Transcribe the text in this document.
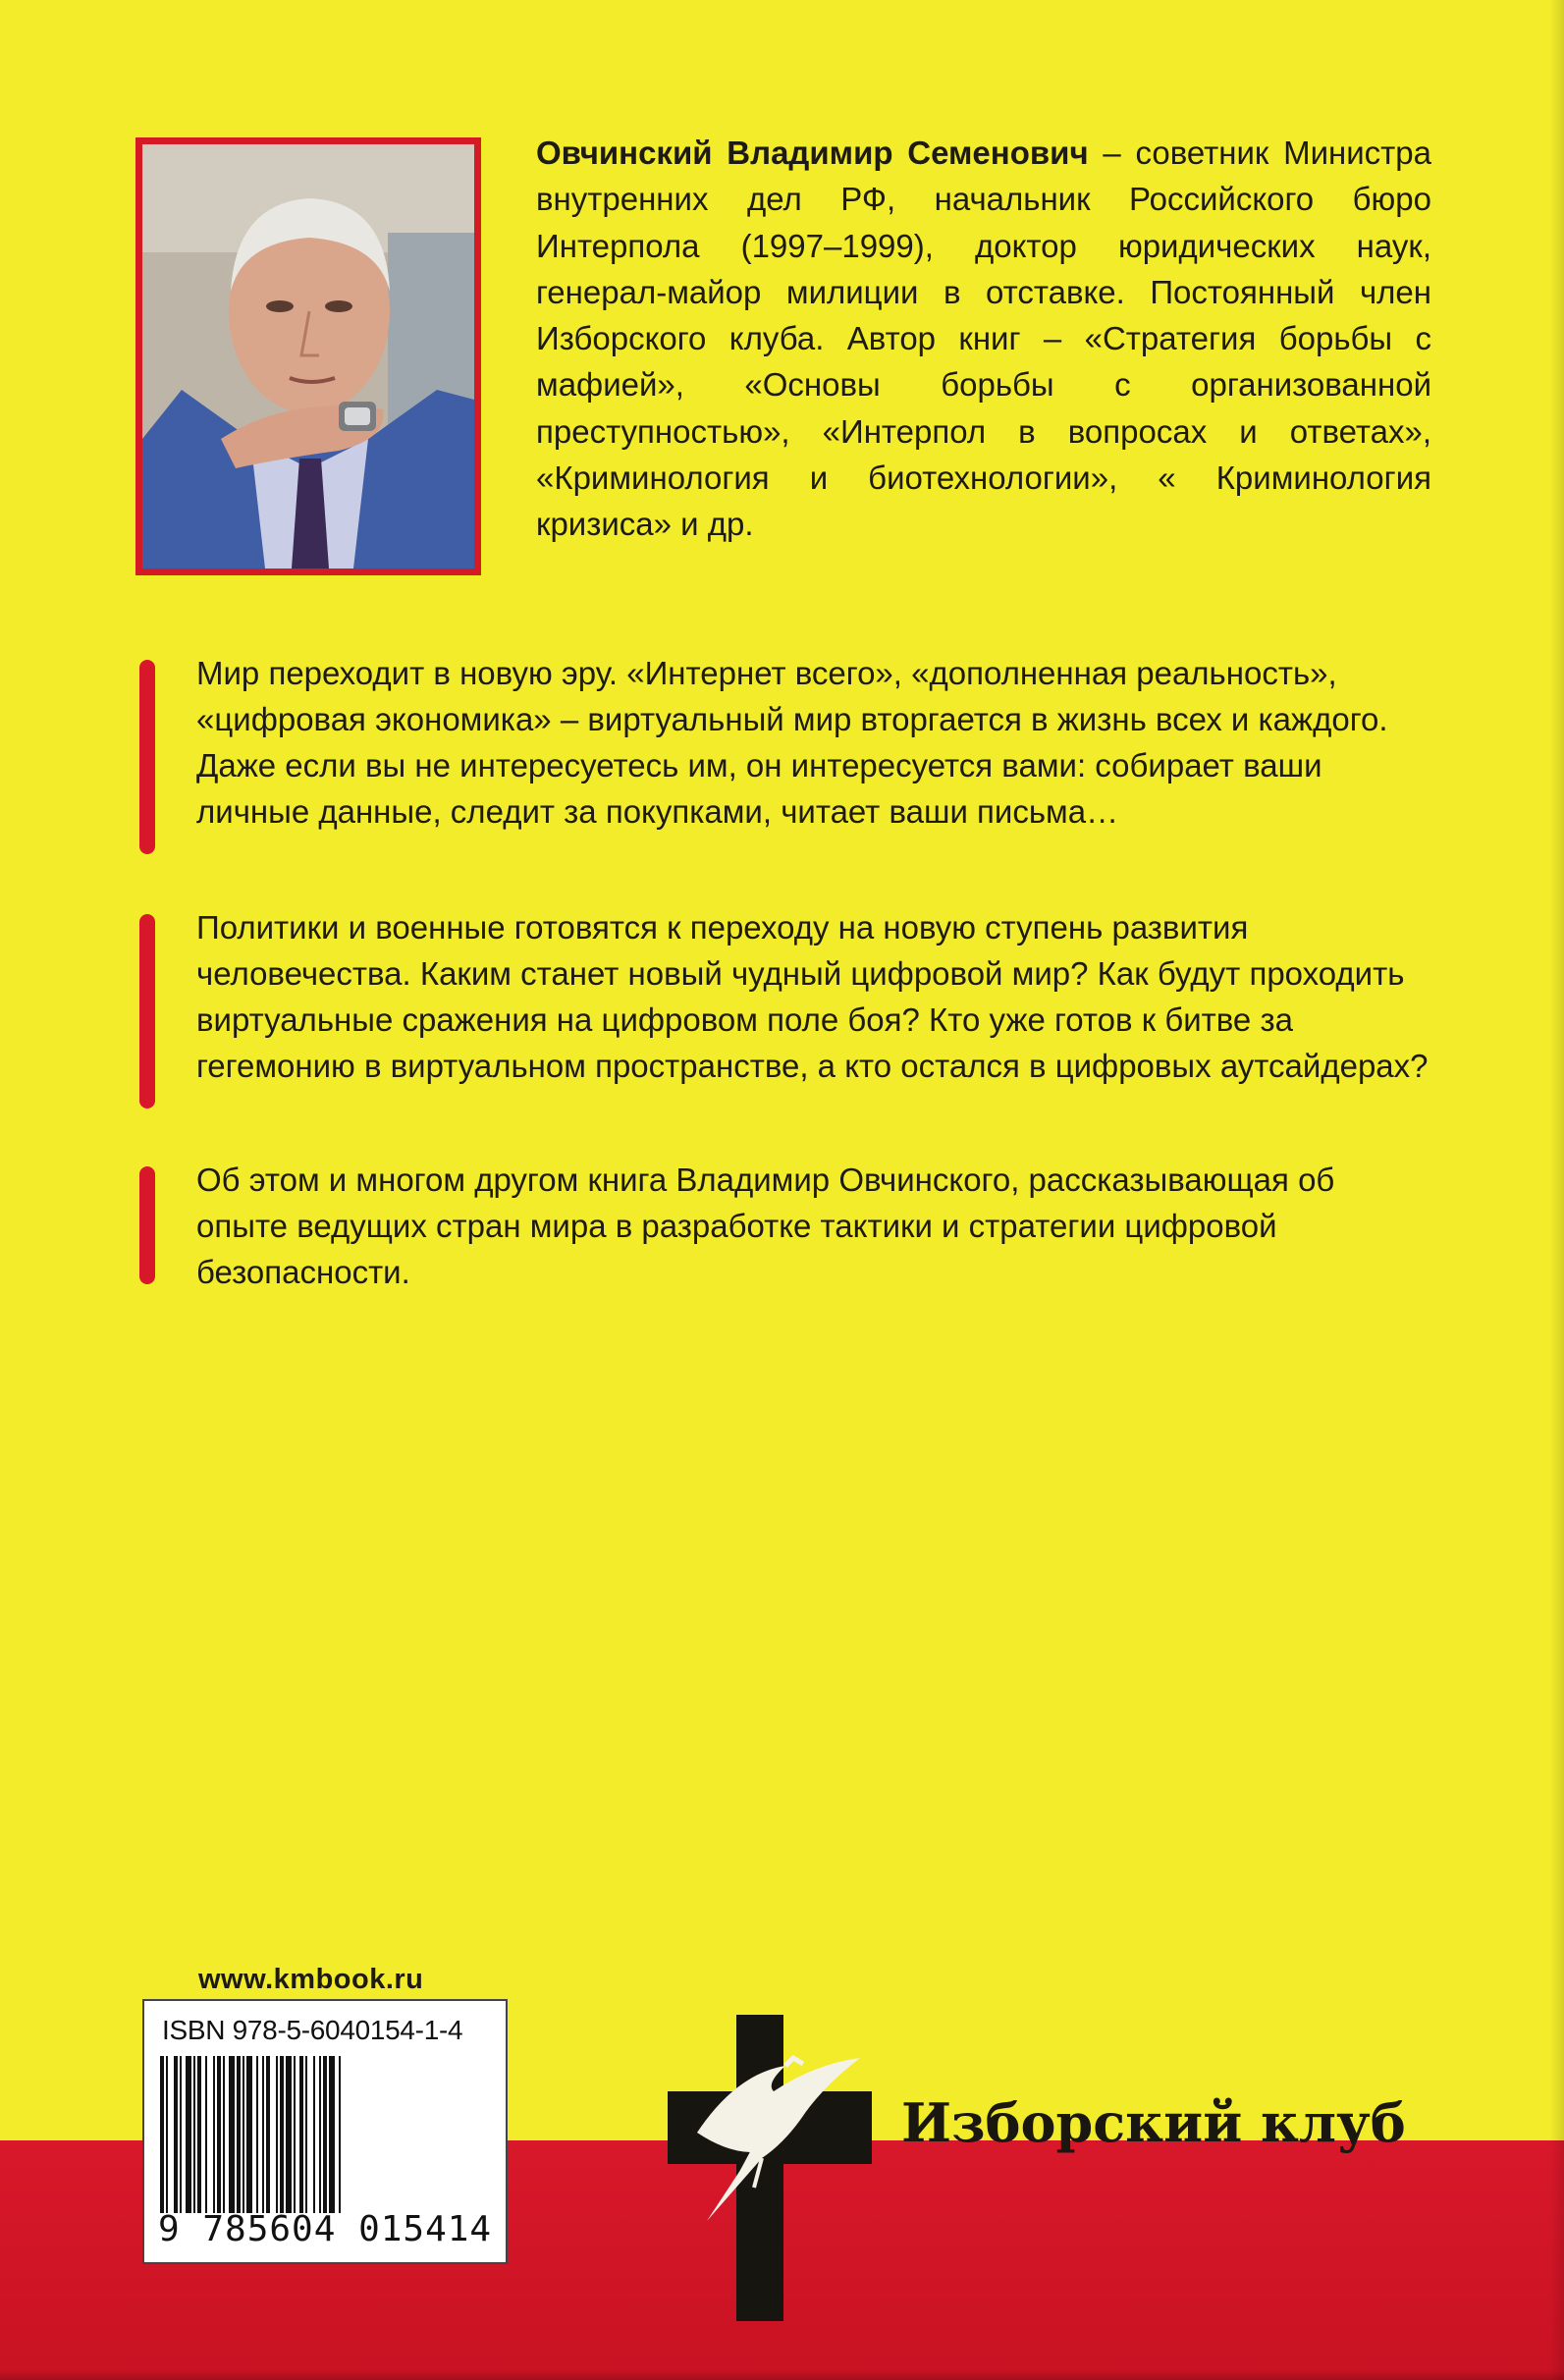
Овчинский Владимир Семенович – советник Министра внутренних дел РФ, начальник Российского бюро Интерпола (1997–1999), доктор юридических наук, генерал-майор милиции в отставке. Постоянный член Изборского клуба. Автор книг – «Стратегия борьбы с мафией», «Основы борьбы с организованной преступностью», «Интерпол в вопросах и ответах», «Криминология и биотехнологии», « Криминология кризиса» и др.

Мир переходит в новую эру. «Интернет всего», «дополненная реальность», «цифровая экономика» – виртуальный мир вторгается в жизнь всех и каждого. Даже если вы не интересуетесь им, он интересуется вами: собирает ваши личные данные, следит за покупками, читает ваши письма…
Политики и военные готовятся к переходу на новую ступень развития человечества. Каким станет новый чудный цифровой мир? Как будут проходить виртуальные сражения на цифровом поле боя? Кто уже готов к битве за гегемонию в виртуальном пространстве, а кто остался в цифровых аутсайдерах?
Об этом и многом другом книга Владимир Овчинского, рассказывающая об опыте ведущих стран мира в разработке тактики и стратегии цифровой безопасности.
www.kmbook.ru
ISBN 978-5-6040154-1-4
9 785604 015414
Изборский клуб
